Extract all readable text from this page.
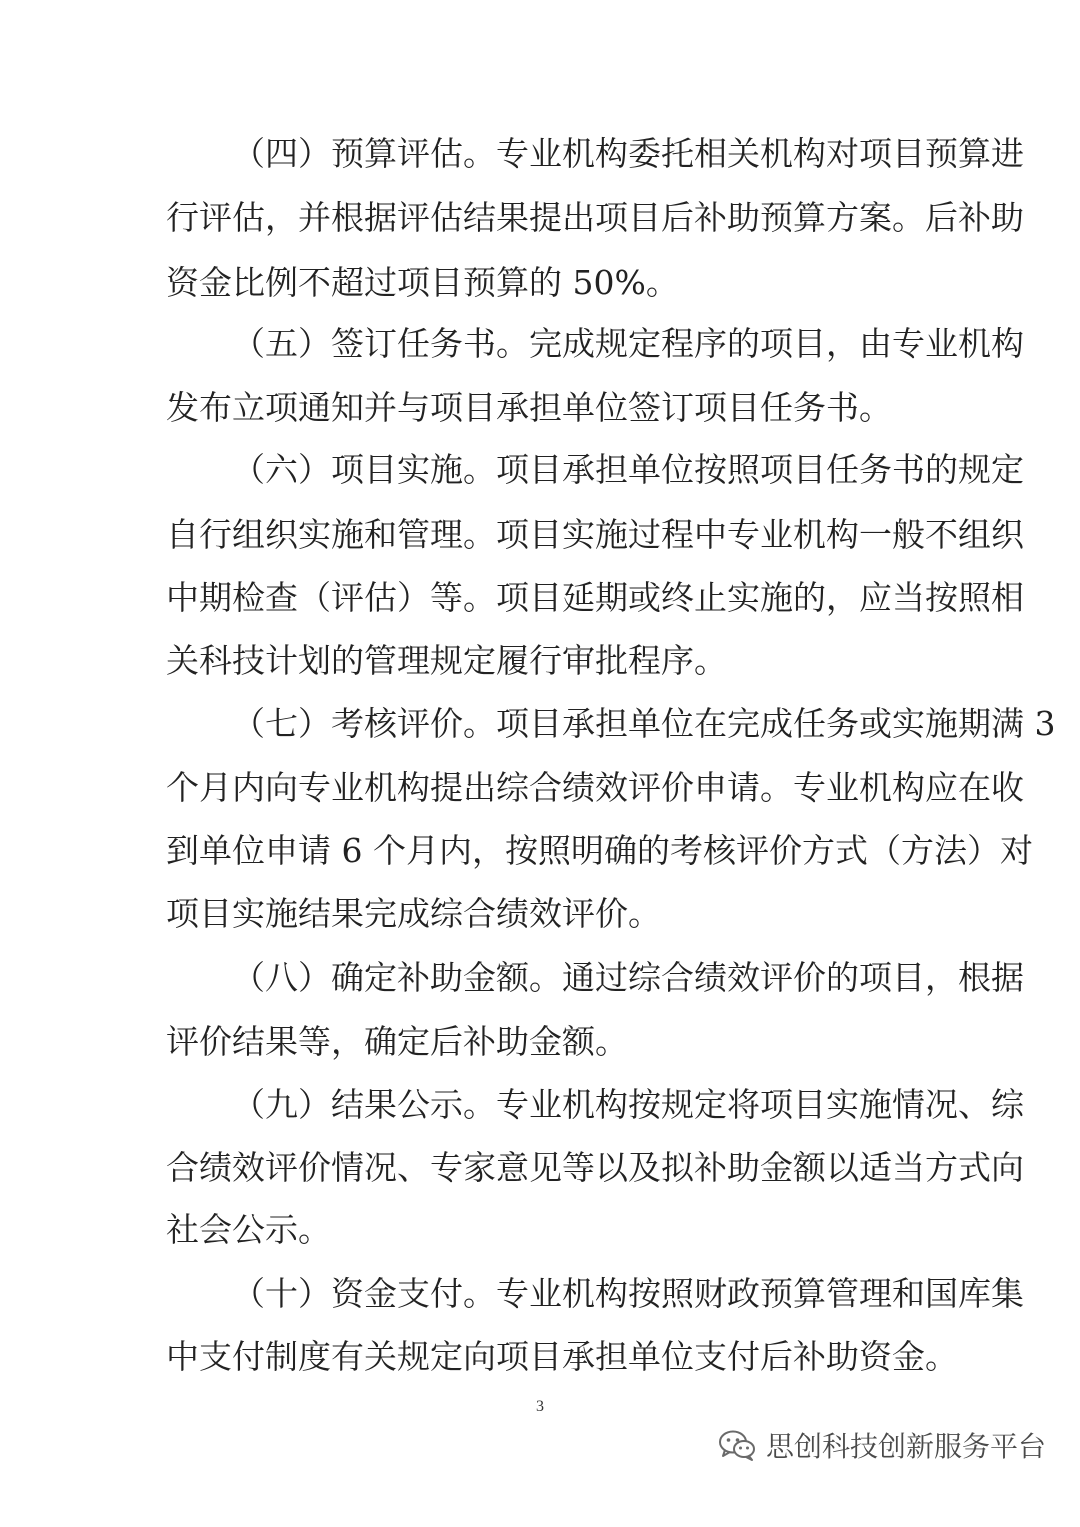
（四）预算评估。专业机构委托相关机构对项目预算进
行评估，并根据评估结果提出项目后补助预算方案。后补助
资金比例不超过项目预算的 50%。
（五）签订任务书。完成规定程序的项目，由专业机构
发布立项通知并与项目承担单位签订项目任务书。
（六）项目实施。项目承担单位按照项目任务书的规定
自行组织实施和管理。项目实施过程中专业机构一般不组织
中期检查（评估）等。项目延期或终止实施的，应当按照相
关科技计划的管理规定履行审批程序。
（七）考核评价。项目承担单位在完成任务或实施期满 3
个月内向专业机构提出综合绩效评价申请。专业机构应在收
到单位申请 6 个月内，按照明确的考核评价方式（方法）对
项目实施结果完成综合绩效评价。
（八）确定补助金额。通过综合绩效评价的项目，根据
评价结果等，确定后补助金额。
（九）结果公示。专业机构按规定将项目实施情况、综
合绩效评价情况、专家意见等以及拟补助金额以适当方式向
社会公示。
（十）资金支付。专业机构按照财政预算管理和国库集
中支付制度有关规定向项目承担单位支付后补助资金。
3
思创科技创新服务平台
